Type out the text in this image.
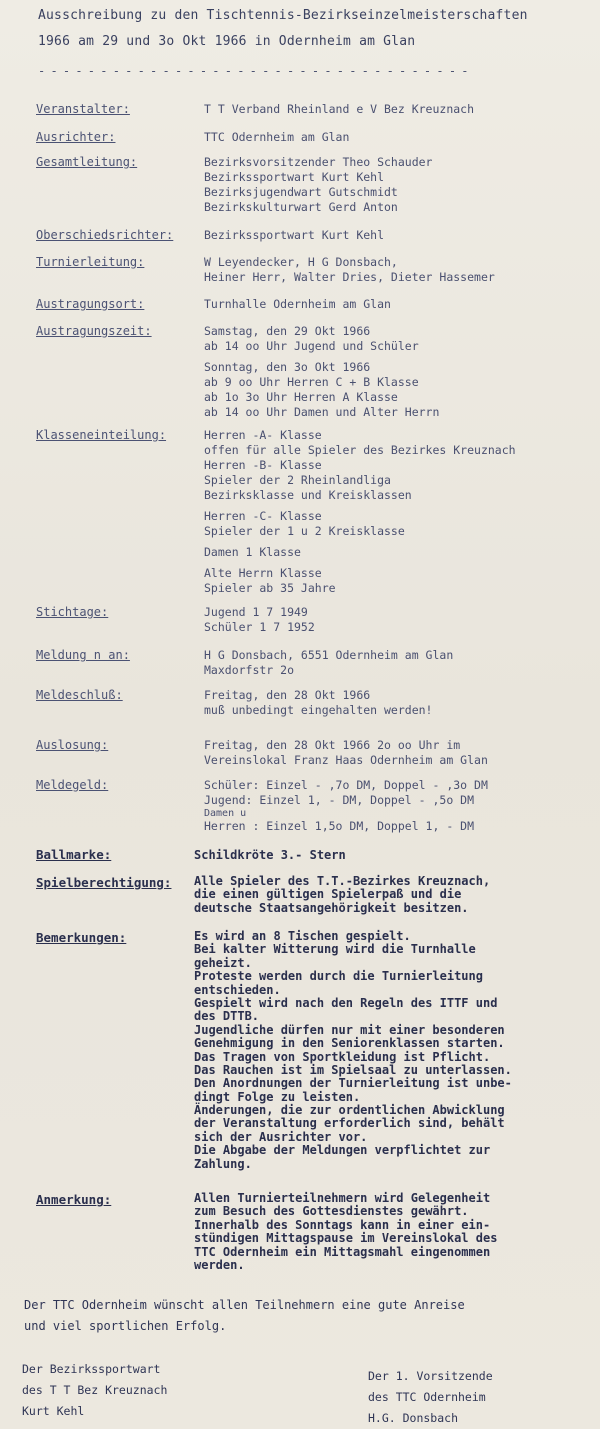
Ausschreibung zu den Tischtennis-Bezirkseinzelmeisterschaften
1966 am 29 und 3o Okt 1966 in Odernheim am Glan
- - - - - - - - - - - - - - - - - - - - - - - - - - - - - - - - - - -
Veranstalter:	T T Verband Rheinland e V Bez Kreuznach
Ausrichter:	TTC Odernheim am Glan
Gesamtleitung:	Bezirksvorsitzender Theo Schauder
Bezirkssportwart Kurt Kehl
Bezirksjugendwart Gutschmidt
Bezirkskulturwart Gerd Anton
Oberschiedsrichter:	Bezirkssportwart Kurt Kehl
Turnierleitung:	W Leyendecker, H G Donsbach,
Heiner Herr, Walter Dries, Dieter Hassemer
Austragungsort:	Turnhalle Odernheim am Glan
Austragungszeit:	Samstag, den 29 Okt 1966
ab 14 oo Uhr Jugend und Schüler
Sonntag, den 3o Okt 1966
ab 9 oo Uhr Herren C + B Klasse
ab 1o 3o Uhr Herren A Klasse
ab 14 oo Uhr Damen und Alter Herrn
Klasseneinteilung:	Herren -A- Klasse
offen für alle Spieler des Bezirkes Kreuznach
Herren -B- Klasse
Spieler der 2 Rheinlandliga
Bezirksklasse und Kreisklassen
Herren -C- Klasse
Spieler der 1 u 2 Kreisklasse
Damen 1 Klasse
Alte Herrn Klasse
Spieler ab 35 Jahre
Stichtage:	Jugend 1 7 1949
Schüler 1 7 1952
Meldung n an:	H G Donsbach, 6551 Odernheim am Glan
Maxdorfstr 2o
Meldeschluß:	Freitag, den 28 Okt 1966
muß unbedingt eingehalten werden!
Auslosung:	Freitag, den 28 Okt 1966 2o oo Uhr im
Vereinslokal Franz Haas Odernheim am Glan
Meldegeld:	Schüler: Einzel - ,7o DM, Doppel - ,3o DM
Jugend: Einzel 1, - DM, Doppel - ,5o DM
Damen u
Herren : Einzel 1,5o DM, Doppel 1, - DM
Ballmarke:	Schildkröte 3.- Stern
Spielberechtigung: Alle Spieler des T.T.-Bezirkes Kreuznach,
die einen gültigen Spielerpaß und die
deutsche Staatsangehörigkeit besitzen.
Bemerkungen:	Es wird an 8 Tischen gespielt.
Bei kalter Witterung wird die Turnhalle
geheizt.
Proteste werden durch die Turnierleitung
entschieden.
Gespielt wird nach den Regeln des ITTF und
des DTTB.
Jugendliche dürfen nur mit einer besonderen
Genehmigung in den Seniorenklassen starten.
Das Tragen von Sportkleidung ist Pflicht.
Das Rauchen ist im Spielsaal zu unterlassen.
Den Anordnungen der Turnierleitung ist unbe-
dingt Folge zu leisten.
Änderungen, die zur ordentlichen Abwicklung
der Veranstaltung erforderlich sind, behält
sich der Ausrichter vor.
Die Abgabe der Meldungen verpflichtet zur
Zahlung.
Anmerkung:	Allen Turnierteilnehmern wird Gelegenheit
zum Besuch des Gottesdienstes gewährt.
Innerhalb des Sonntags kann in einer ein-
stündigen Mittagspause im Vereinslokal des
TTC Odernheim ein Mittagsmahl eingenommen
werden.
Der TTC Odernheim wünscht allen Teilnehmern eine gute Anreise
und viel sportlichen Erfolg.
Der Bezirkssportwart
des T T Bez Kreuznach
Kurt Kehl
Der 1. Vorsitzende
des TTC Odernheim
H.G. Donsbach
